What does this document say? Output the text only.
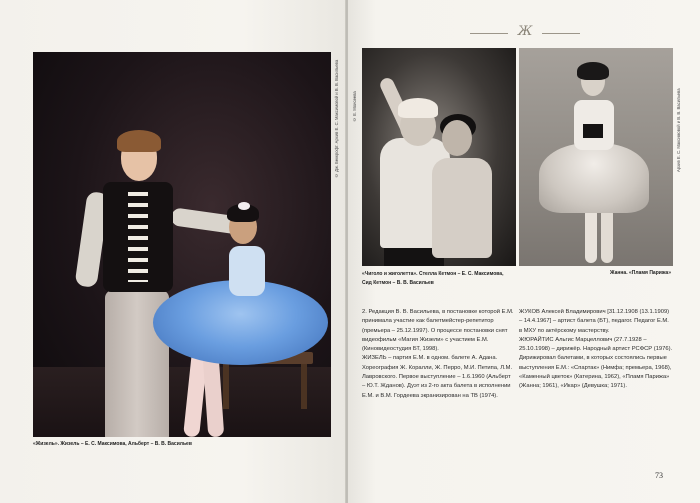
«Жизель». Жизель – Е. С. Максимова, Альберт – В. В. Васильев
© Дж. Беккрофт. Архив Е. С. Максимовой и В. В. Васильева
Ж
© Е. Моисеева	Архив Е. С. Максимовой и В. В. Васильева
«Чиголо и жиголетта». Стелла Кетмон – Е. С. Максимова, Сид Кетмон – В. В. Васильев
Жанна. «Пламя Парижа»

2. Редакция В. В. Васильева, в постановке которой Е.М. принимала участие как балетмейстер-репетитор (премьера – 25.12.1997). О процессе постановки снят видеофильм «Магия Жизели» с участием Е.М. (Киновидеостудия БТ, 1998).

ЖИЗЕЛЬ – партия Е.М. в одном. балете А. Адана. Хореография Ж. Коралли, Ж. Перро, М.И. Петипа, Л.М. Лавровского. Первое выступление – 1.6.1960 (Альберт – Ю.Т. Жданов). Дуэт из 2-го акта балета в исполнении Е.М. и В.М. Гордеева экранизирован на ТВ (1974).

ЖУКОВ Алексей Владимирович [31.12.1908 (13.1.1909) – 14.4.1967] – артист балета (БТ), педагог. Педагог Е.М. в МХУ по актёрскому мастерству.

ЖЮРАЙТИС Альгис Марцеллович (27.7.1928 – 25.10.1998) – дирижёр. Народный артист РСФСР (1976). Дирижировал балетами, в которых состоялись первые выступления Е.М.: «Спартак» (Нимфа; премьера, 1968), «Каменный цветок» (Катерина, 1962), «Пламя Парижа» (Жанна; 1961), «Икар» (Девушка; 1971).

73
